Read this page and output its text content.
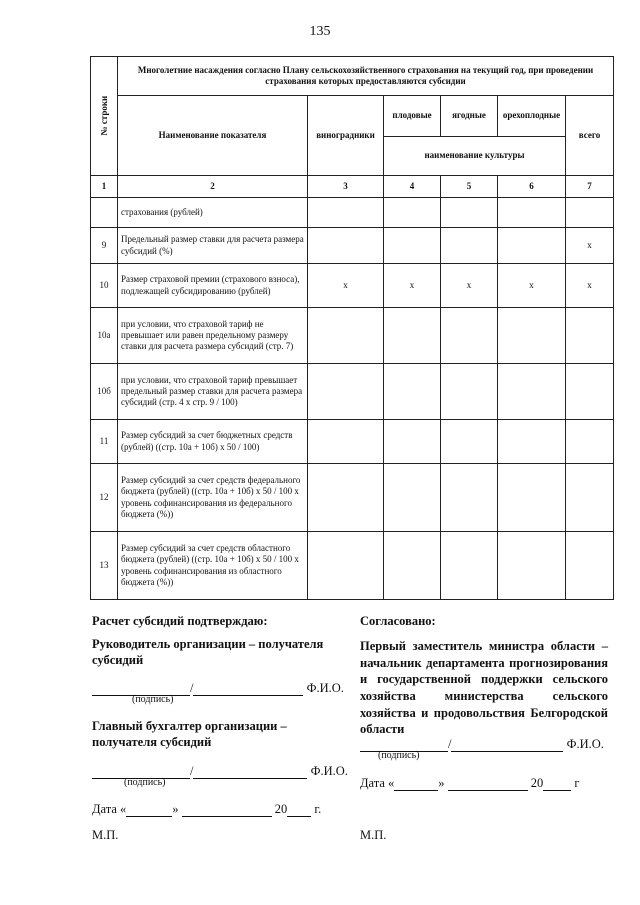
135
№ строки	Многолетние насаждения согласно Плану сельскохозяйственного страхования на текущий год, при проведении страхования которых предоставляются субсидии					
	Наименование показателя	виноградники	плодовые	ягодные	орехоплодные	всего
			наименование культуры			
1	2	3	4	5	6	7
	страхования (рублей)					
9	Предельный размер ставки для расчета размера субсидий (%)					x
10	Размер страховой премии (страхового взноса), подлежащей субсидированию (рублей)	x	x	x	x	x
10а	при условии, что страховой тариф не превышает или равен предельному размеру ставки для расчета размера субсидий (стр. 7)					
10б	при условии, что страховой тариф превышает предельный размер ставки для расчета размера субсидий (стр. 4 х стр. 9 / 100)					
11	Размер субсидий за счет бюджетных средств (рублей) ((стр. 10а + 10б) х 50 / 100)					
12	Размер субсидий за счет средств федерального бюджета (рублей) ((стр. 10а + 10б) х 50 / 100 х уровень софинансирования из федерального бюджета (%))					
13	Размер субсидий за счет средств областного бюджета (рублей) ((стр. 10а + 10б) х 50 / 100 х уровень софинансирования из областного бюджета (%))					
Расчет субсидий подтверждаю:
Руководитель организации – получателя субсидий
/	Ф.И.О.
(подпись)
Главный бухгалтер организации – получателя субсидий
/	Ф.И.О.
(подпись)
Дата «	»	20 г.
М.П.
Согласовано:
Первый заместитель министра области – начальник департамента прогнозирования и государственной поддержки сельского хозяйства министерства сельского хозяйства и продовольствия Белгородской области
/	Ф.И.О.
(подпись)
Дата «	»	20 г
М.П.
